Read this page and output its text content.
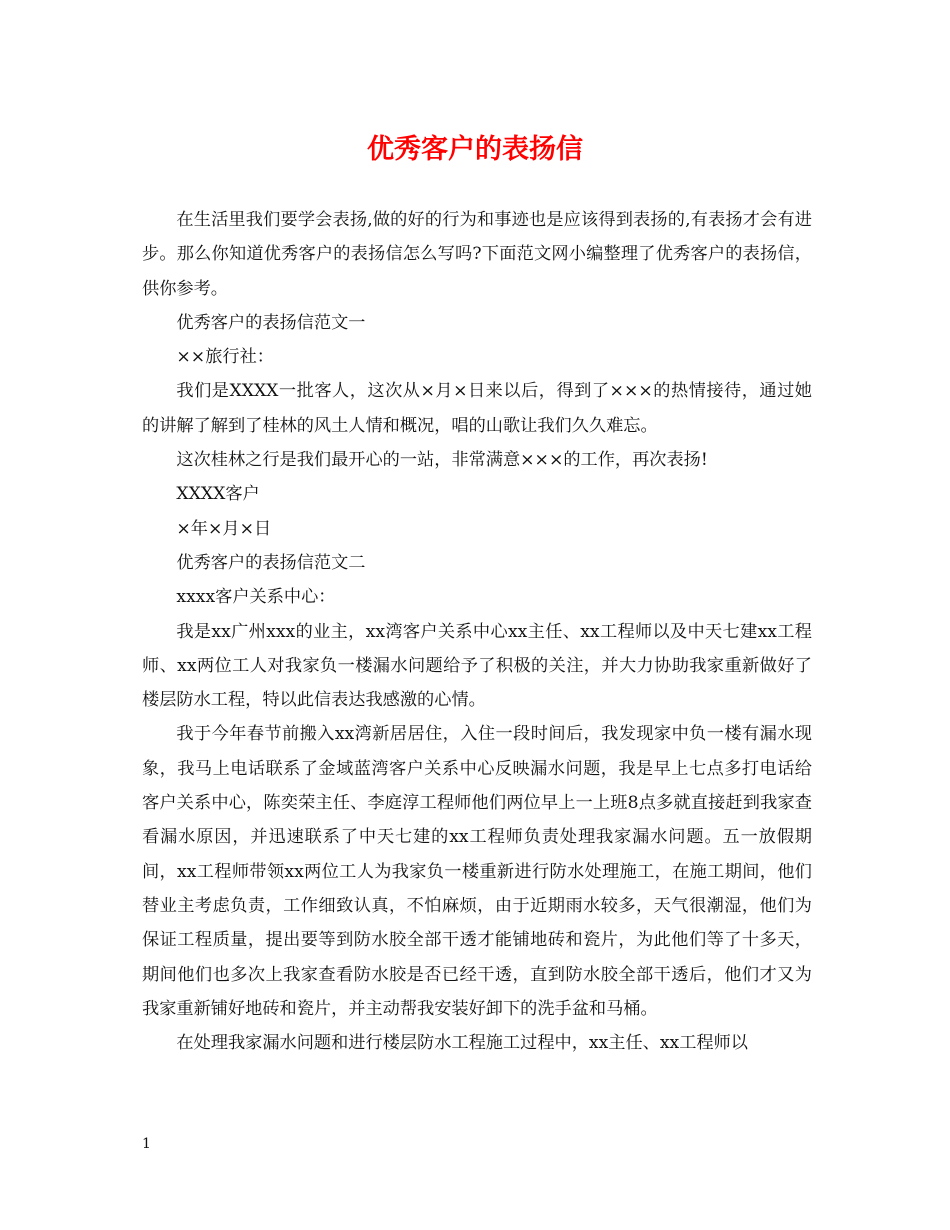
优秀客户的表扬信

在生活里我们要学会表扬,做的好的行为和事迹也是应该得到表扬的,有表扬才会有进步。那么你知道优秀客户的表扬信怎么写吗?下面范文网小编整理了优秀客户的表扬信，供你参考。

优秀客户的表扬信范文一

××旅行社：

我们是XXXX一批客人，这次从×月×日来以后，得到了×××的热情接待，通过她的讲解了解到了桂林的风土人情和概况，唱的山歌让我们久久难忘。

这次桂林之行是我们最开心的一站，非常满意×××的工作，再次表扬!

XXXX客户

×年×月×日

优秀客户的表扬信范文二

xxxx客户关系中心：

我是xx广州xxx的业主，xx湾客户关系中心xx主任、xx工程师以及中天七建xx工程师、xx两位工人对我家负一楼漏水问题给予了积极的关注，并大力协助我家重新做好了楼层防水工程，特以此信表达我感激的心情。

我于今年春节前搬入xx湾新居居住，入住一段时间后，我发现家中负一楼有漏水现象，我马上电话联系了金域蓝湾客户关系中心反映漏水问题，我是早上七点多打电话给客户关系中心，陈奕荣主任、李庭淳工程师他们两位早上一上班8点多就直接赶到我家查看漏水原因，并迅速联系了中天七建的xx工程师负责处理我家漏水问题。五一放假期间，xx工程师带领xx两位工人为我家负一楼重新进行防水处理施工，在施工期间，他们替业主考虑负责，工作细致认真，不怕麻烦，由于近期雨水较多，天气很潮湿，他们为保证工程质量，提出要等到防水胶全部干透才能铺地砖和瓷片，为此他们等了十多天，期间他们也多次上我家查看防水胶是否已经干透，直到防水胶全部干透后，他们才又为我家重新铺好地砖和瓷片，并主动帮我安装好卸下的洗手盆和马桶。

在处理我家漏水问题和进行楼层防水工程施工过程中，xx主任、xx工程师以

1
